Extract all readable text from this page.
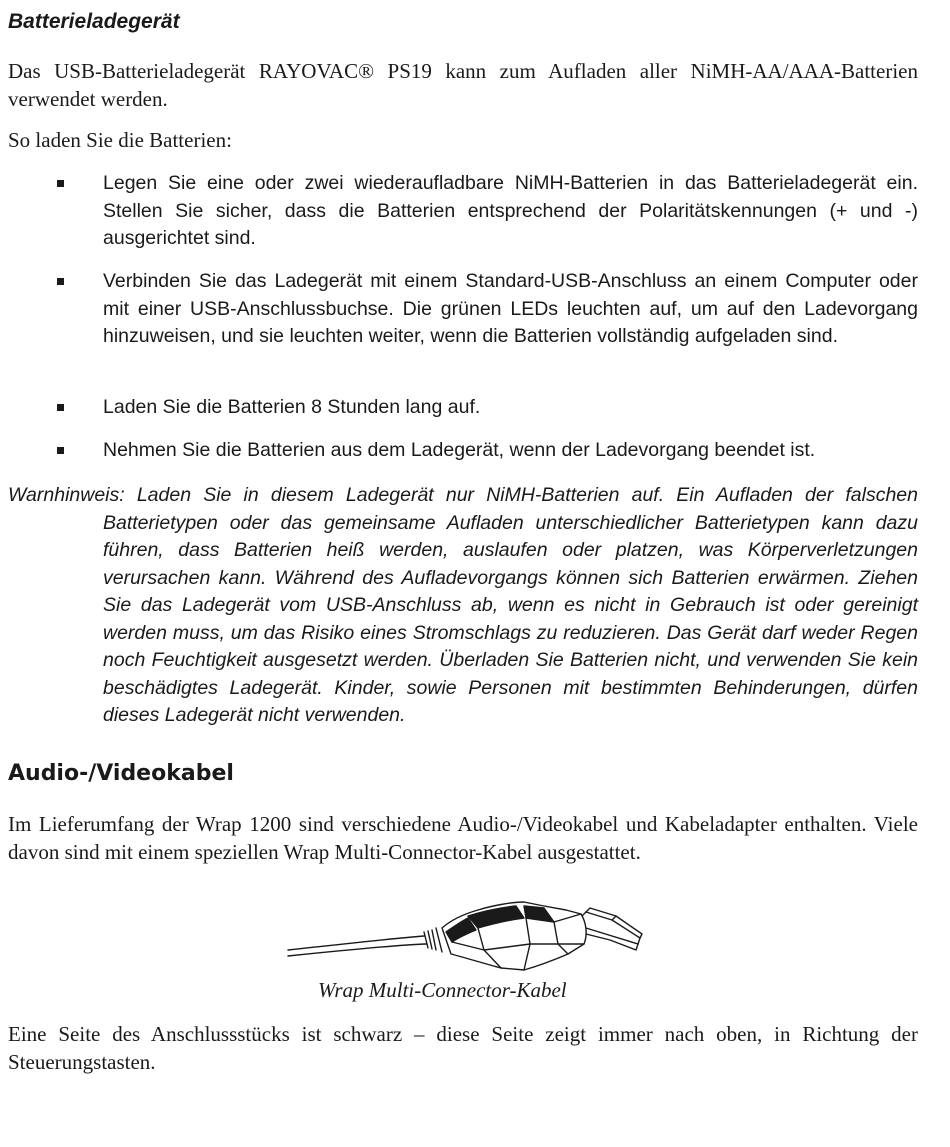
Batterieladegerät

Das USB-Batterieladegerät RAYOVAC® PS19 kann zum Aufladen aller NiMH-AA/AAA-Batterien verwendet werden.

So laden Sie die Batterien:

Legen Sie eine oder zwei wiederaufladbare NiMH-Batterien in das Batterieladegerät ein. Stellen Sie sicher, dass die Batterien entsprechend der Polaritätskennungen (+ und -) ausgerichtet sind.
Verbinden Sie das Ladegerät mit einem Standard-USB-Anschluss an einem Computer oder mit einer USB-Anschlussbuchse. Die grünen LEDs leuchten auf, um auf den Ladevorgang hinzuweisen, und sie leuchten weiter, wenn die Batterien vollständig aufgeladen sind.
Laden Sie die Batterien 8 Stunden lang auf.
Nehmen Sie die Batterien aus dem Ladegerät, wenn der Ladevorgang beendet ist.

Warnhinweis: Laden Sie in diesem Ladegerät nur NiMH-Batterien auf. Ein Aufladen der falschen Batterietypen oder das gemeinsame Aufladen unterschiedlicher Batterietypen kann dazu führen, dass Batterien heiß werden, auslaufen oder platzen, was Körperverletzungen verursachen kann. Während des Aufladevorgangs können sich Batterien erwärmen. Ziehen Sie das Ladegerät vom USB-Anschluss ab, wenn es nicht in Gebrauch ist oder gereinigt werden muss, um das Risiko eines Stromschlags zu reduzieren. Das Gerät darf weder Regen noch Feuchtigkeit ausgesetzt werden. Überladen Sie Batterien nicht, und verwenden Sie kein beschädigtes Ladegerät. Kinder, sowie Personen mit bestimmten Behinderungen, dürfen dieses Ladegerät nicht verwenden.

Audio-/Videokabel

Im Lieferumfang der Wrap 1200 sind verschiedene Audio-/Videokabel und Kabeladapter enthalten. Viele davon sind mit einem speziellen Wrap Multi-Connector-Kabel ausgestattet.

Wrap Multi-Connector-Kabel

Eine Seite des Anschlussstücks ist schwarz – diese Seite zeigt immer nach oben, in Richtung der Steuerungstasten.
